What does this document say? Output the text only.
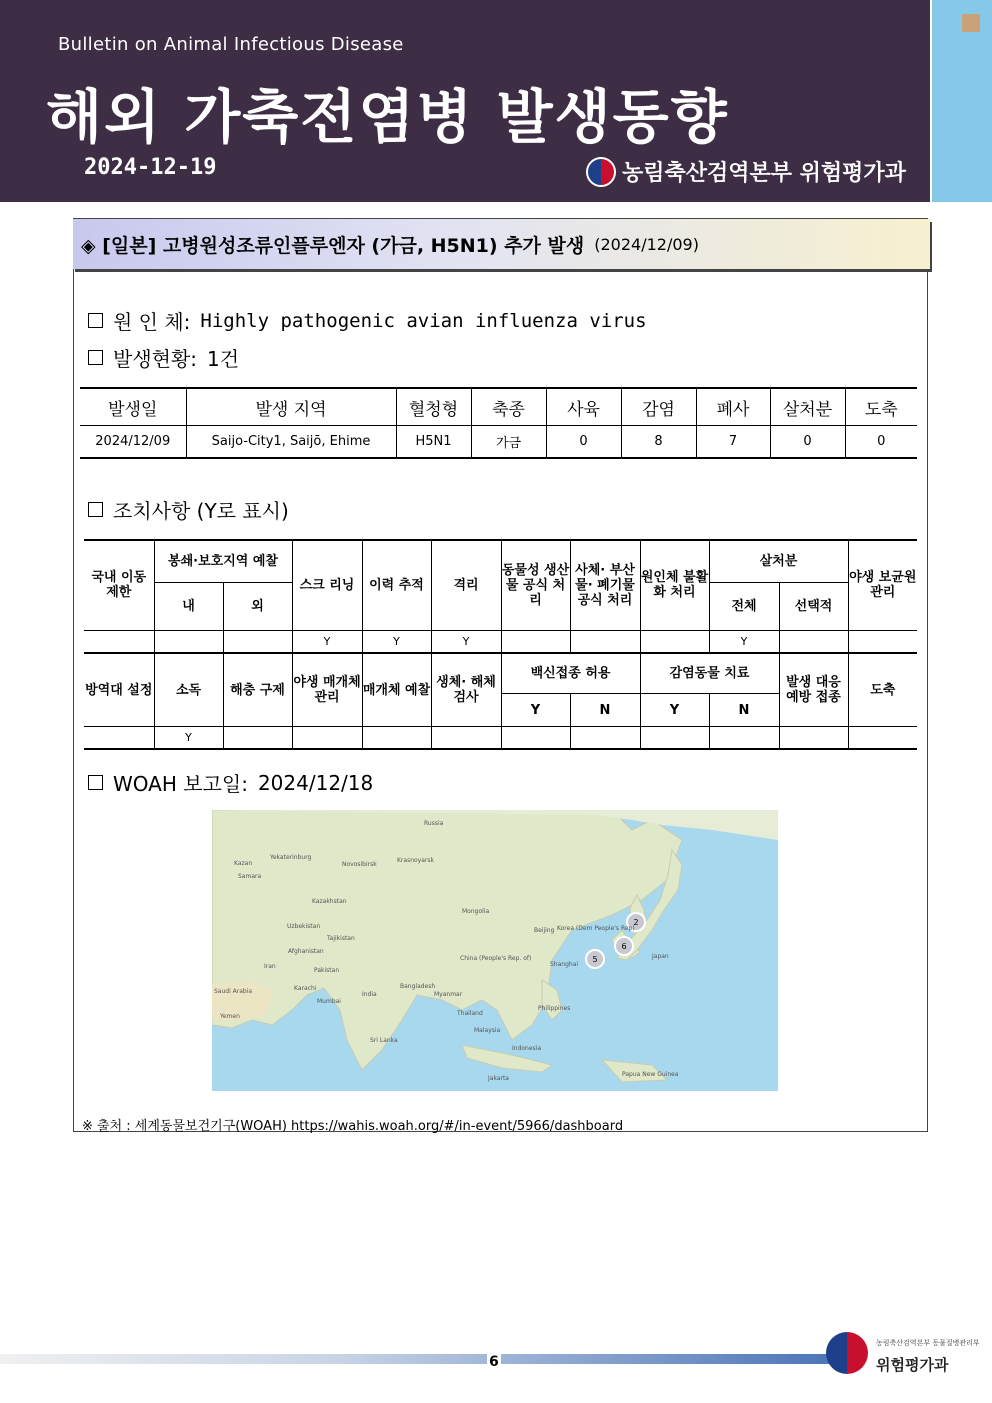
Bulletin on Animal Infectious Disease
해외 가축전염병 발생동향
2024-12-19	농림축산검역본부 위험평가과
◈ [일본] 고병원성조류인플루엔자 (가금, H5N1) 추가 발생 (2024/12/09)
원 인 체: Highly pathogenic avian influenza virus
발생현황: 1건
발생일	발생 지역	혈청형	축종	사육	감염	폐사	살처분	도축
2024/12/09	Saijo-City1, Saijō, Ehime	H5N1	가금	0	8	7	0	0
조치사항 (Y로 표시)
국내 이동 제한	봉쇄·보호지역 예찰		스크 리닝	이력 추적	격리	동물성 생산물 공식 처리	사체· 부산물· 폐기물 공식 처리	원인체 불활화 처리	살처분		야생 보균원 관리
	내	외							전체	선택적	
			Y	Y	Y				Y		
방역대 설정	소독	해충 구제	야생 매개체 관리	매개체 예찰	생체· 해체 검사	백신접종 허용		감염동물 치료		발생 대응 예방 접종	도축
						Y	N	Y	N		
	Y										
WOAH 보고일: 2024/12/18
2
6
5
Russia
Yekaterinburg
Kazan
Samara
Novosibirsk
Krasnoyarsk
Kazakhstan
Mongolia
Uzbekistan
Tajikistan
Afghanistan
Iran
Pakistan
Karachi
Mumbai
India
Bangladesh
Myanmar
Thailand
China (People's Rep. of)
Beijing
Shanghai
Korea (Dem People's Rep)
Japan
Philippines
Malaysia
Indonesia
Jakarta
Papua New Guinea
Saudi Arabia
Yemen
Sri Lanka
※ 출처 : 세계동물보건기구(WOAH) https://wahis.woah.org/#/in-event/5966/dashboard
6
농림축산검역본부 동물질병관리부
위험평가과
